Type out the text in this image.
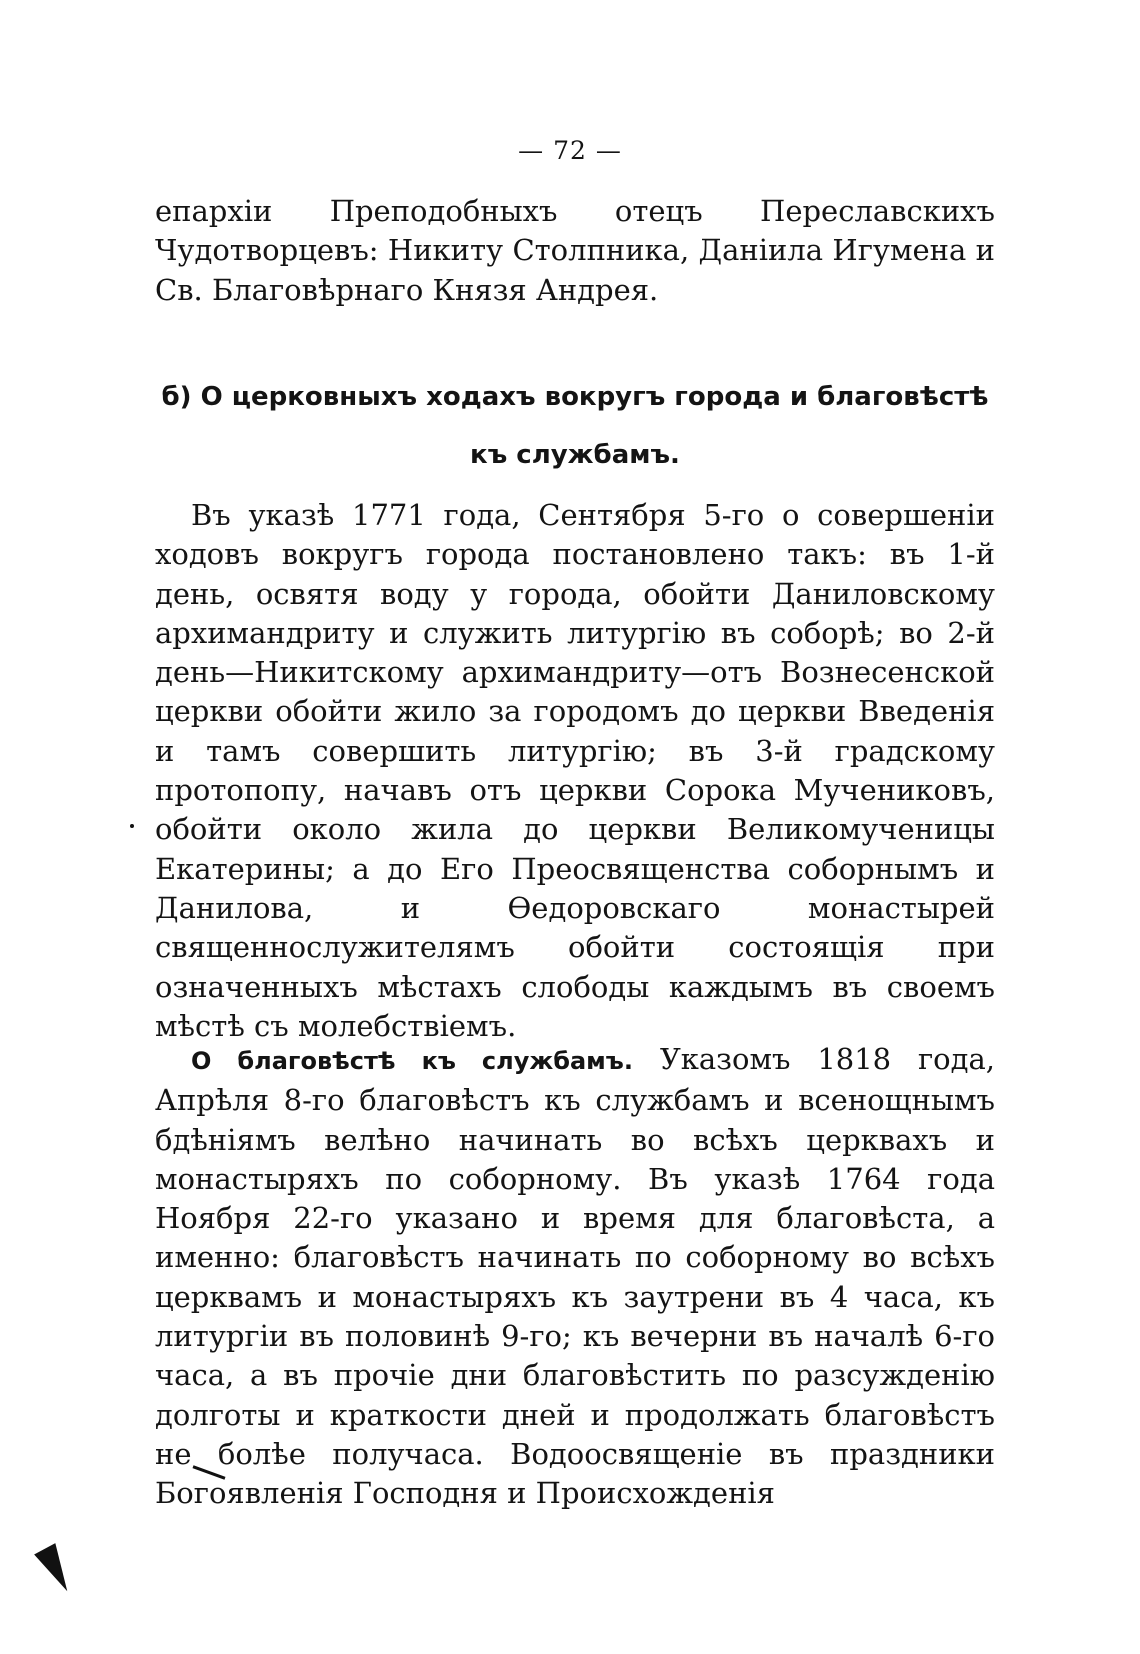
— 72 —

епархіи Преподобныхъ отецъ Переславскихъ Чудотворцевъ: Никиту Столпника, Даніила Игумена и Св. Благовѣрнаго Князя Андрея.

б) О церковныхъ ходахъ вокругъ города и благовѣстѣ
къ службамъ.

Въ указѣ 1771 года, Сентября 5-го о совершеніи ходовъ вокругъ города постановлено такъ: въ 1-й день, освятя воду у города, обойти Даниловскому архимандриту и служить литургію въ соборѣ; во 2-й день—Никитскому архимандриту—отъ Вознесенской церкви обойти жило за городомъ до церкви Введенія и тамъ совершить литургію; въ 3-й градскому протопопу, начавъ отъ церкви Сорока Мучениковъ, обойти около жила до церкви Великомученицы Екатерины; а до Его Преосвященства соборнымъ и Данилова, и Ѳедоровскаго монастырей священнослужителямъ обойти состоящія при означенныхъ мѣстахъ слободы каждымъ въ своемъ мѣстѣ съ молебствіемъ.

О благовѣстѣ къ службамъ. Указомъ 1818 года, Апрѣля 8-го благовѣстъ къ службамъ и всенощнымъ бдѣніямъ велѣно начинать во всѣхъ церквахъ и монастыряхъ по соборному. Въ указѣ 1764 года Ноября 22-го указано и время для благовѣста, а именно: благовѣстъ начинать по соборному во всѣхъ церквамъ и монастыряхъ къ заутрени въ 4 часа, къ литургіи въ половинѣ 9-го; къ вечерни въ началѣ 6-го часа, а въ прочіе дни благовѣстить по разсужденію долготы и краткости дней и продолжать благовѣстъ не болѣе получаса. Водоосвященіе въ праздники Богоявленія Господня и Происхожденія
